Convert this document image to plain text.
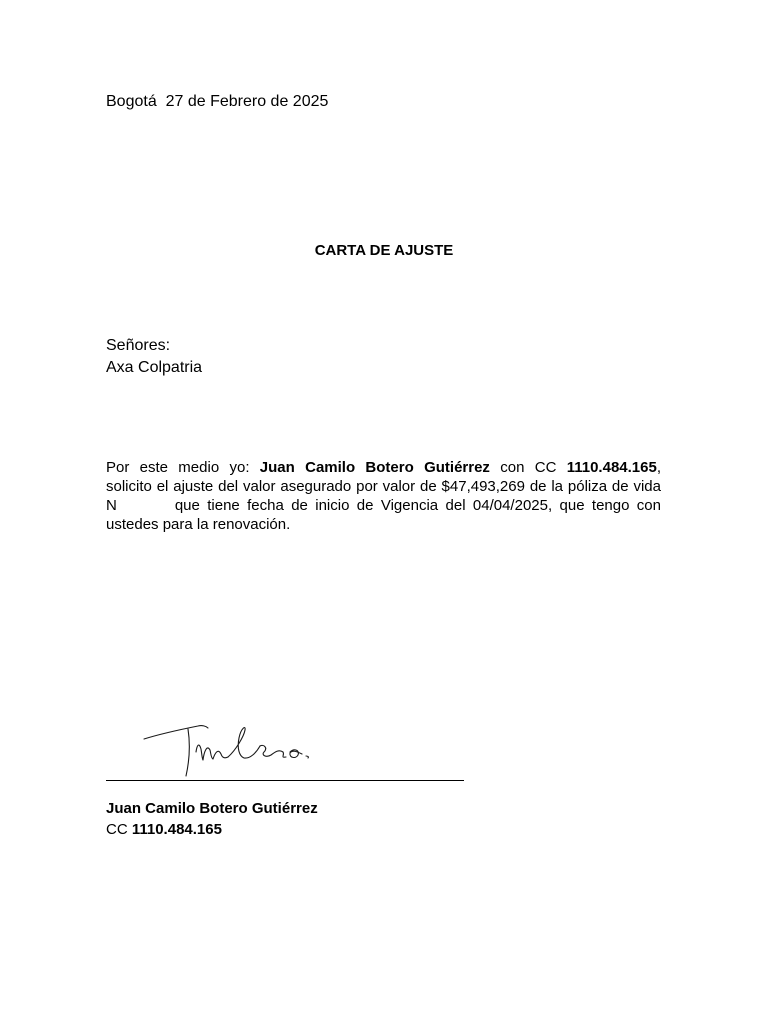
Bogotá  27 de Febrero de 2025
CARTA DE AJUSTE
Señores:
Axa Colpatria
Por este medio yo: Juan Camilo Botero Gutiérrez con CC 1110.484.165,
solicito el ajuste del valor asegurado por valor de $47,493,269 de la póliza de vida
N	que tiene fecha de inicio de Vigencia del 04/04/2025, que tengo con
ustedes para la renovación.
Jmlbo
Juan Camilo Botero Gutiérrez
CC 1110.484.165
